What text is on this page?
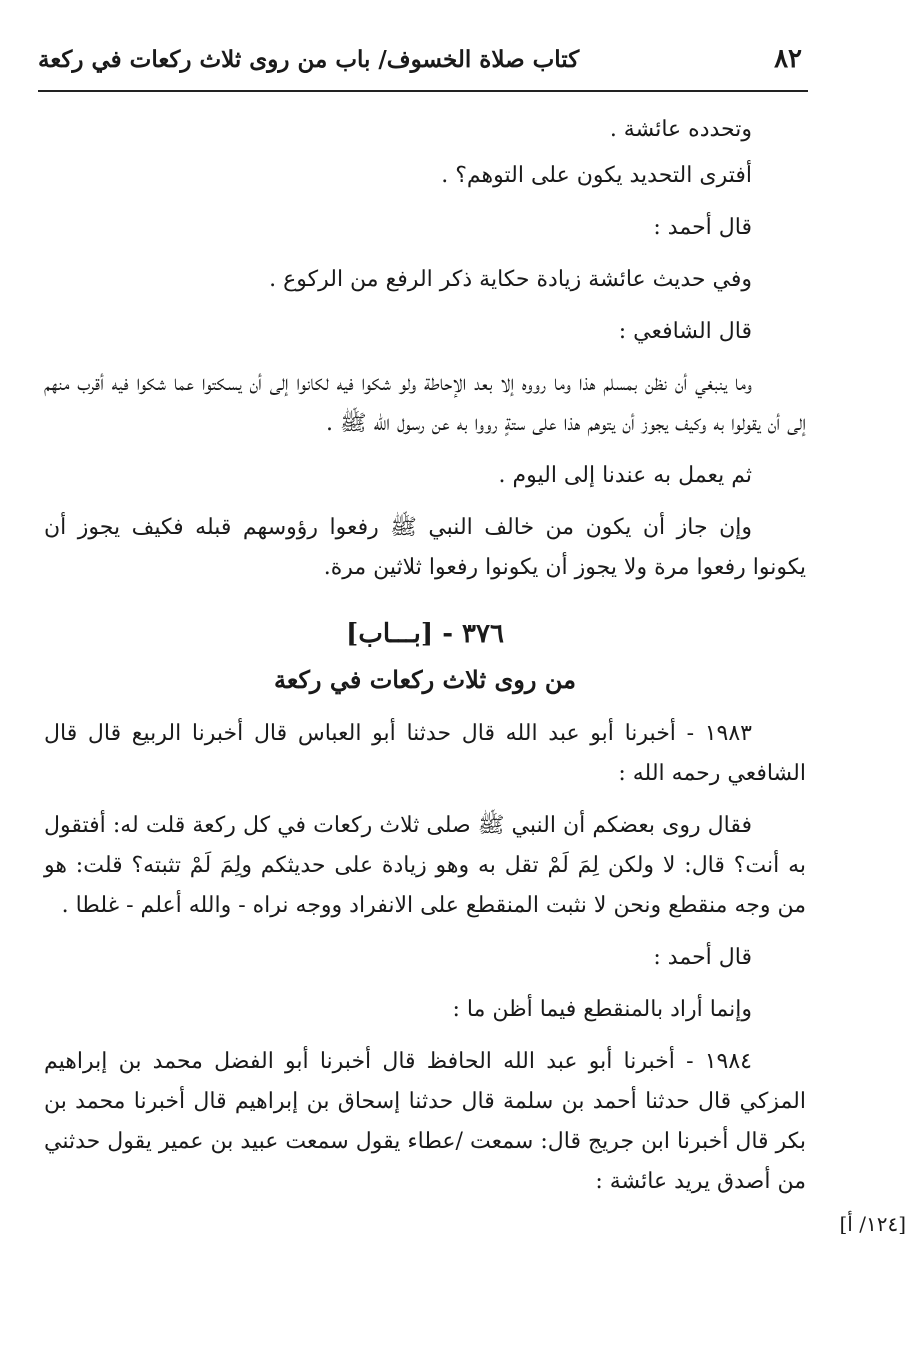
٨٢
كتاب صلاة الخسوف/ باب من روى ثلاث ركعات في ركعة

وتحدده عائشة .

أفترى التحديد يكون على التوهم؟ .

قال أحمد :

وفي حديث عائشة زيادة حكاية ذكر الرفع من الركوع .

قال الشافعي :

وما ينبغي أن نظن بمسلم هذا وما رووه إلا بعد الإحاطة ولو شكوا فيه لكانوا إلى أن يسكتوا عما شكوا فيه أقرب منهم إلى أن يقولوا به وكيف يجوز أن يتوهم هذا على ستةٍ رووا به عن رسول الله ﷺ .

ثم يعمل به عندنا إلى اليوم .

وإن جاز أن يكون من خالف النبي ﷺ رفعوا رؤوسهم قبله فكيف يجوز أن يكونوا رفعوا مرة ولا يجوز أن يكونوا رفعوا ثلاثين مرة.

٣٧٦ - [بـــاب]
من روى ثلاث ركعات في ركعة

١٩٨٣ - أخبرنا أبو عبد الله قال حدثنا أبو العباس قال أخبرنا الربيع قال قال الشافعي رحمه الله :

فقال روى بعضكم أن النبي ﷺ صلى ثلاث ركعات في كل ركعة قلت له: أفتقول به أنت؟ قال: لا ولكن لِمَ لَمْ تقل به وهو زيادة على حديثكم ولِمَ لَمْ تثبته؟ قلت: هو من وجه منقطع ونحن لا نثبت المنقطع على الانفراد ووجه نراه - والله أعلم - غلطا .

قال أحمد :

وإنما أراد بالمنقطع فيما أظن ما :

١٩٨٤ - أخبرنا أبو عبد الله الحافظ قال أخبرنا أبو الفضل محمد بن إبراهيم المزكي قال حدثنا أحمد بن سلمة قال حدثنا إسحاق بن إبراهيم قال أخبرنا محمد بن بكر قال أخبرنا ابن جريج قال: سمعت /عطاء يقول سمعت عبيد بن عمير يقول حدثني من أصدق يريد عائشة :

[١٢٤/ أ]
